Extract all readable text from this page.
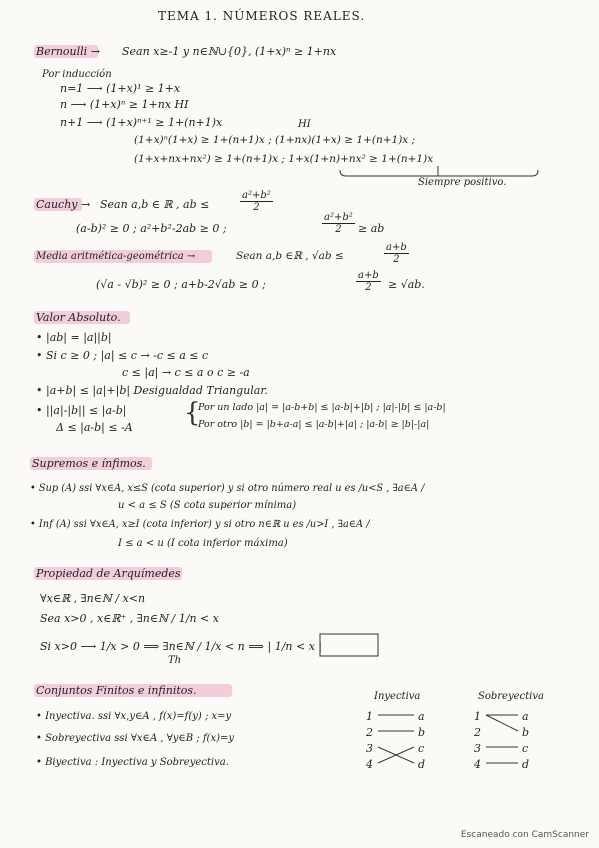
TEMA 1. NÚMEROS REALES.
Bernoulli → Sean x≥-1 y n∈ℕ∪{0}, (1+x)ⁿ ≥ 1+nx
Por inducción
n=1 ⟶ (1+x)¹ ≥ 1+x
n ⟶ (1+x)ⁿ ≥ 1+nx HI
n+1 ⟶ (1+x)ⁿ⁺¹ ≥ 1+(n+1)x	HI
(1+x)ⁿ(1+x) ≥ 1+(n+1)x ; (1+nx)(1+x) ≥ 1+(n+1)x ;
(1+x+nx+nx²) ≥ 1+(n+1)x ; 1+x(1+n)+nx² ≥ 1+(n+1)x
Siempre positivo.
Cauchy → Sean a,b ∈ ℝ , ab ≤	$\frac{\text{a²+b²}}{2}$
(a-b)² ≥ 0 ; a²+b²-2ab ≥ 0 ;	$\frac{\text{a²+b²}}{2}$ ≥ ab
Media aritmética-geométrica →	Sean a,b ∈ℝ , √ab ≤	$\frac{a+b}{2}$
(√a - √b)² ≥ 0 ; a+b-2√ab ≥ 0 ;	$\frac{a+b}{2} \ge √ab$.
Valor Absoluto.
• |ab| = |a||b|
• Si c ≥ 0 ; |a| ≤ c → -c ≤ a ≤ c
c ≤ |a| → c ≤ a o c ≥ -a
• |a+b| ≤ |a|+|b| Desigualdad Triangular.
• ||a|-|b|| ≤ |a-b|
Δ ≤ |a-b| ≤ -A {
Por un lado |a| = |a-b+b| ≤ |a-b|+|b| ; |a|-|b| ≤ |a-b|
Por otro |b| = |b+a-a| ≤ |a-b|+|a| ; |a-b| ≥ |b|-|a|
Supremos e ínfimos.
• Sup (A) ssi ∀x∈A, x≤S (cota superior) y si otro número real u es /u<S , ∃a∈A /
u < a ≤ S (S cota superior mínima)
• Inf (A) ssi ∀x∈A, x≥I (cota inferior) y si otro n∈ℝ u es /u>I , ∃a∈A /
I ≤ a < u (I cota inferior máxima)
Propiedad de Arquímedes
∀x∈ℝ , ∃n∈ℕ / x<n
Sea x>0 , x∈ℝ⁺ , ∃n∈ℕ / 1/n < x
Si x>0 ⟶ 1/x > 0 ⟹ ∃n∈ℕ / 1/x < n ⟹ | 1/n < x |
Th
Conjuntos Finitos e infinitos.
• Inyectiva. ssi ∀x,y∈A , f(x)=f(y) ; x=y
• Sobreyectiva ssi ∀x∈A , ∀y∈B ; f(x)=y
• Biyectiva : Inyectiva y Sobreyectiva.
Inyectiva	Sobreyectiva
1
2
3
4
a
b
c
d
1
2
3
4
a
b
c
d
Escaneado con CamScanner
